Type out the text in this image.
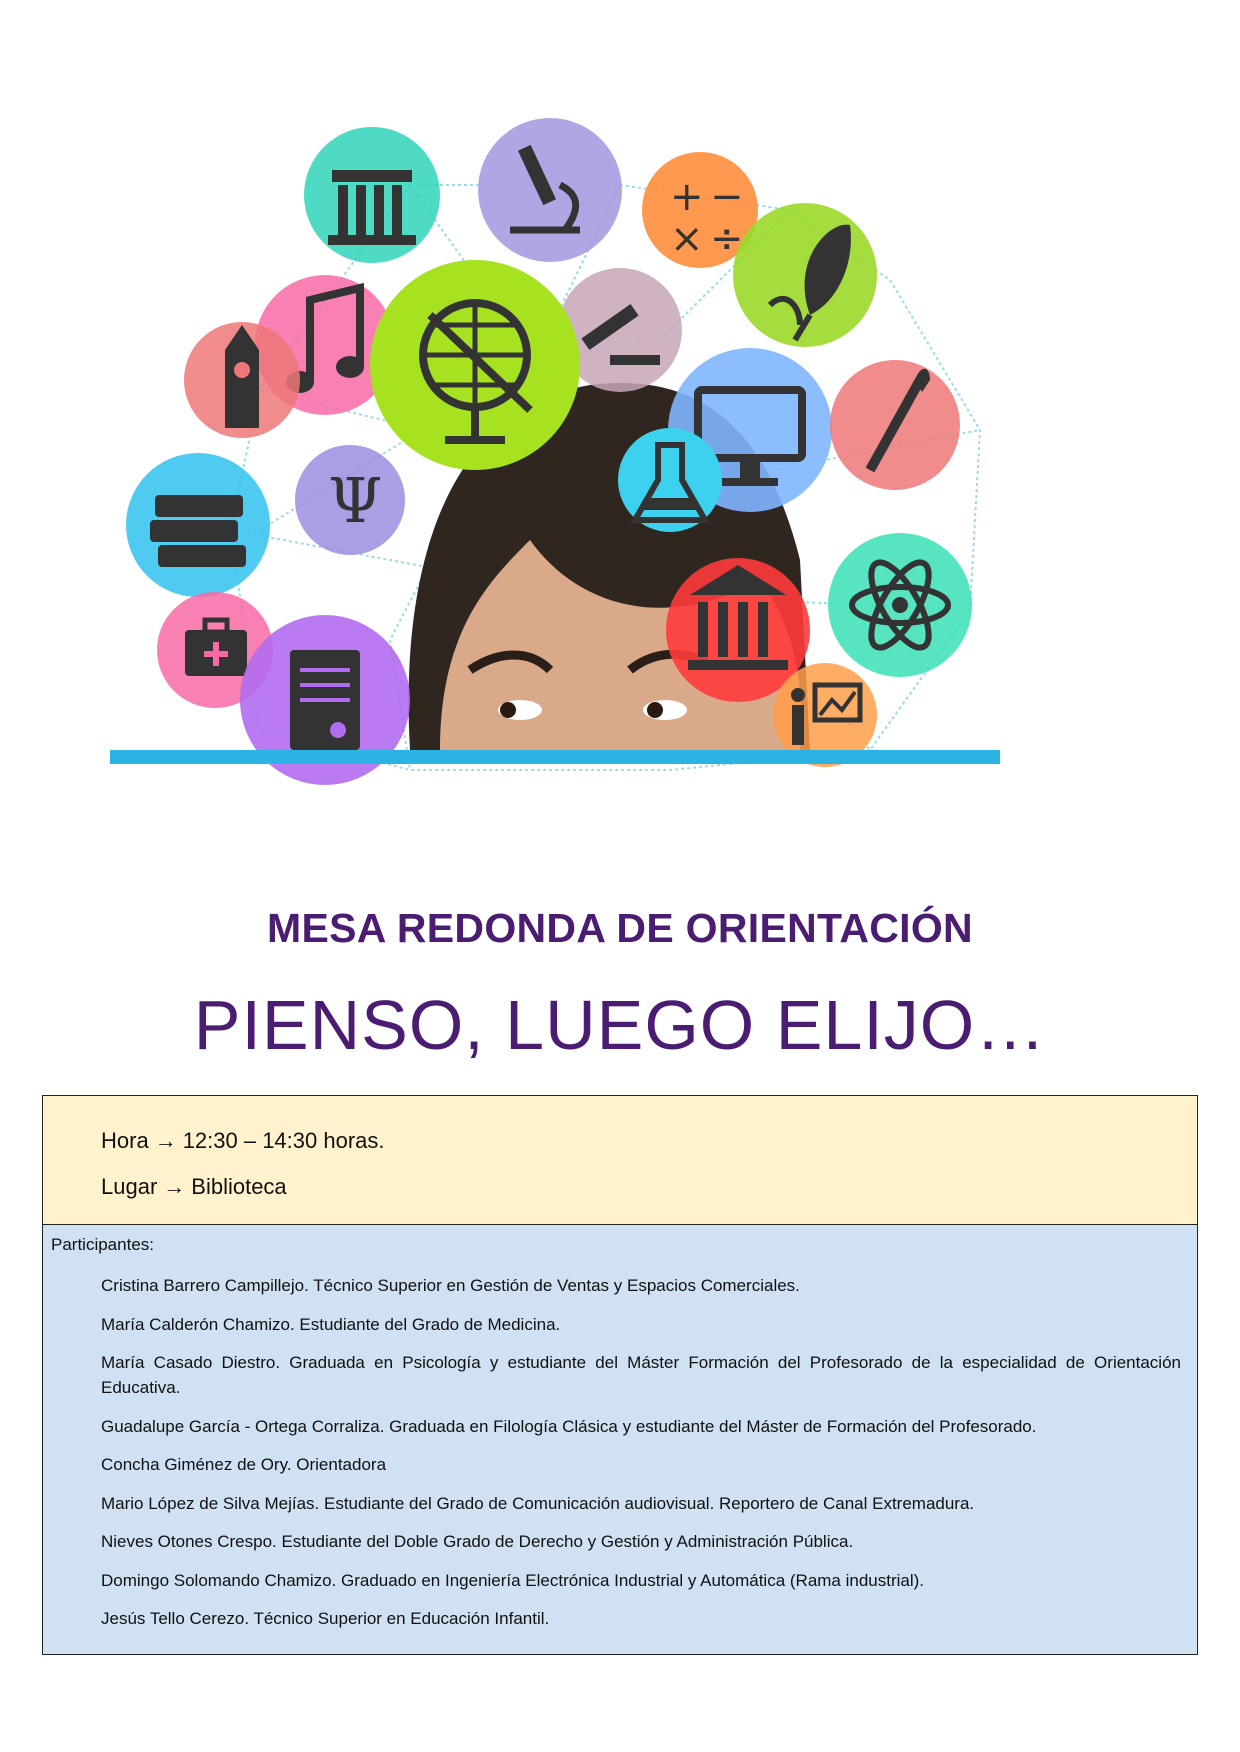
+ −
× ÷
Ψ
MESA REDONDA DE ORIENTACIÓN
PIENSO, LUEGO ELIJO…
Hora → 12:30 – 14:30 horas.
Lugar → Biblioteca
Participantes:
Cristina Barrero Campillejo. Técnico Superior en Gestión de Ventas y Espacios Comerciales.
María Calderón Chamizo. Estudiante del Grado de Medicina.
María Casado Diestro. Graduada en Psicología y estudiante del Máster Formación del Profesorado de la especialidad de Orientación Educativa.
Guadalupe García - Ortega Corraliza. Graduada en Filología Clásica y estudiante del Máster de Formación del Profesorado.
Concha Giménez de Ory. Orientadora
Mario López de Silva Mejías. Estudiante del Grado de Comunicación audiovisual. Reportero de Canal Extremadura.
Nieves Otones Crespo. Estudiante del Doble Grado de Derecho y Gestión y Administración Pública.
Domingo Solomando Chamizo. Graduado en Ingeniería Electrónica Industrial y Automática (Rama industrial).
Jesús Tello Cerezo. Técnico Superior en Educación Infantil.
